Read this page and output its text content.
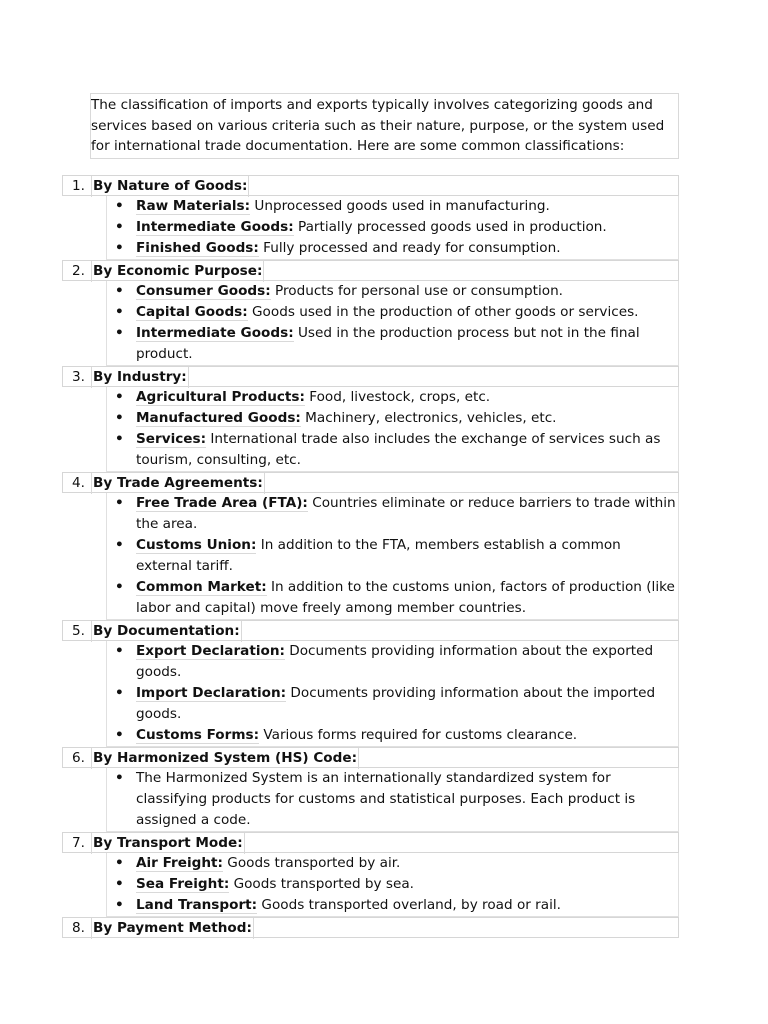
The classification of imports and exports typically involves categorizing goods and services based on various criteria such as their nature, purpose, or the system used for international trade documentation. Here are some common classifications:
1. By Nature of Goods:
• Raw Materials: Unprocessed goods used in manufacturing.
• Intermediate Goods: Partially processed goods used in production.
• Finished Goods: Fully processed and ready for consumption.
2. By Economic Purpose:
• Consumer Goods: Products for personal use or consumption.
• Capital Goods: Goods used in the production of other goods or services.
• Intermediate Goods: Used in the production process but not in the final product.
3. By Industry:
• Agricultural Products: Food, livestock, crops, etc.
• Manufactured Goods: Machinery, electronics, vehicles, etc.
• Services: International trade also includes the exchange of services such as tourism, consulting, etc.
4. By Trade Agreements:
• Free Trade Area (FTA): Countries eliminate or reduce barriers to trade within the area.
• Customs Union: In addition to the FTA, members establish a common external tariff.
• Common Market: In addition to the customs union, factors of production (like labor and capital) move freely among member countries.
5. By Documentation:
• Export Declaration: Documents providing information about the exported goods.
• Import Declaration: Documents providing information about the imported goods.
• Customs Forms: Various forms required for customs clearance.
6. By Harmonized System (HS) Code:
• The Harmonized System is an internationally standardized system for classifying products for customs and statistical purposes. Each product is assigned a code.
7. By Transport Mode:
• Air Freight: Goods transported by air.
• Sea Freight: Goods transported by sea.
• Land Transport: Goods transported overland, by road or rail.
8. By Payment Method:
